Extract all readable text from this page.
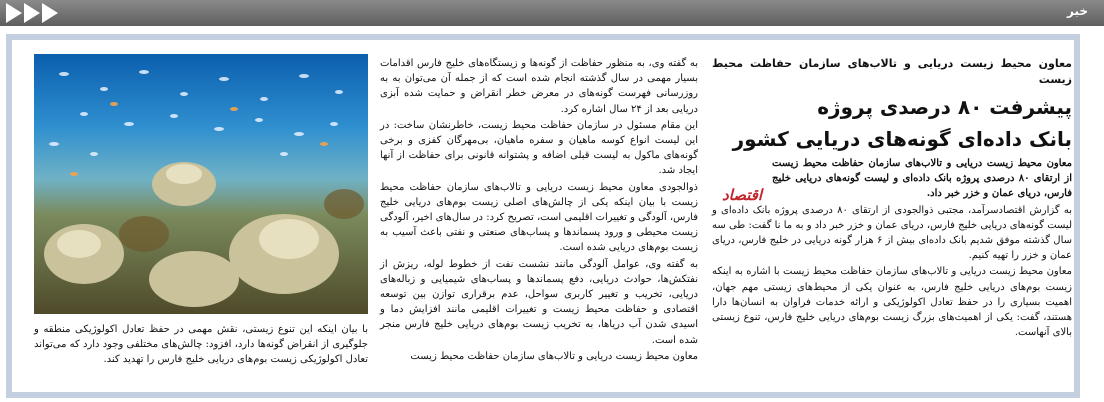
خبر
اقتصاد
معاون محیط زیست دریایی و تالاب‌های سازمان حفاظت محیط زیست
پیشرفت ۸۰ درصدی پروژه
بانک داده‌ای گونه‌های دریایی کشور

معاون محیط زیست دریایی و تالاب‌های سازمان حفاظت محیط زیست از ارتقای ۸۰ درصدی پروژه بانک داده‌ای و لیست گونه‌های دریایی خلیج فارس، دریای عمان و خزر خبر داد.

به گزارش اقتصادسرآمد، مجتبی ذوالجودی از ارتقای ۸۰ درصدی پروژه بانک داده‌ای و لیست گونه‌های دریایی خلیج فارس، دریای عمان و خزر خبر داد و به ما نا گفت: طی سه سال گذشته موفق شدیم بانک داده‌ای بیش از ۶ هزار گونه دریایی در خلیج فارس، دریای عمان و خزر را تهیه کنیم.

معاون محیط زیست دریایی و تالاب‌های سازمان حفاظت محیط زیست با اشاره به اینکه زیست بوم‌های دریایی خلیج فارس، به عنوان یکی از محیط‌های زیستی مهم جهان، اهمیت بسیاری را در حفظ تعادل اکولوژیکی و ارائه خدمات فراوان به انسان‌ها دارا هستند، گفت: یکی از اهمیت‌های بزرگ زیست بوم‌های دریایی خلیج فارس، تنوع زیستی بالای آنهاست.

به گفته وی، به منظور حفاظت از گونه‌ها و زیستگاه‌های خلیج فارس اقدامات بسیار مهمی در سال گذشته انجام شده است که از جمله آن می‌توان به به روزرسانی فهرست گونه‌های در معرض خطر انقراض و حمایت شده آبزی دریایی بعد از ۲۴ سال اشاره کرد.

این مقام مسئول در سازمان حفاظت محیط زیست، خاطرنشان ساخت: در این لیست انواع کوسه ماهیان و سفره ماهیان، بی‌مهرگان کفزی و برخی گونه‌های ماکول به لیست قبلی اضافه و پشتوانه قانونی برای حفاظت از آنها ایجاد شد.

ذوالجودی معاون محیط زیست دریایی و تالاب‌های سازمان حفاظت محیط زیست با بیان اینکه یکی از چالش‌های اصلی زیست بوم‌های دریایی خلیج فارس، آلودگی و تغییرات اقلیمی است، تصریح کرد: در سال‌های اخیر، آلودگی زیست محیطی و ورود پسماندها و پساب‌های صنعتی و نفتی باعث آسیب به زیست بوم‌های دریایی شده است.

به گفته وی، عوامل آلودگی مانند نشست نفت از خطوط لوله، ریزش از نفتکش‌ها، حوادث دریایی، دفع پسماندها و پساب‌های شیمیایی و زباله‌های دریایی، تخریب و تغییر کاربری سواحل، عدم برقراری توازن بین توسعه اقتصادی و حفاظت محیط زیست و تغییرات اقلیمی مانند افزایش دما و اسیدی شدن آب دریاها، به تخریب زیست بوم‌های دریایی خلیج فارس منجر شده است.

معاون محیط زیست دریایی و تالاب‌های سازمان حفاظت محیط زیست

با بیان اینکه این تنوع زیستی، نقش مهمی در حفظ تعادل اکولوژیکی منطقه و جلوگیری از انقراض گونه‌ها دارد، افزود: چالش‌های مختلفی وجود دارد که می‌تواند تعادل اکولوژیکی زیست بوم‌های دریایی خلیج فارس را تهدید کند.
